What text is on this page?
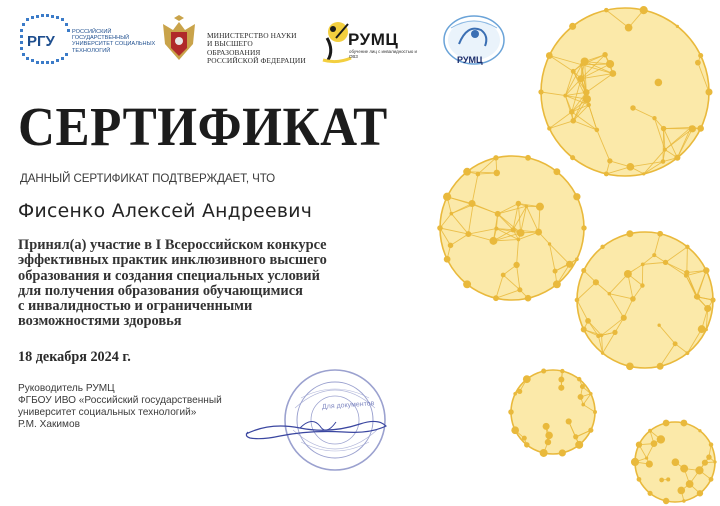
РГУ
РОССИЙСКИЙ ГОСУДАРСТВЕННЫЙ УНИВЕРСИТЕТ СОЦИАЛЬНЫХ ТЕХНОЛОГИЙ
МИНИСТЕРСТВО НАУКИ
И ВЫСШЕГО ОБРАЗОВАНИЯ
РОССИЙСКОЙ ФЕДЕРАЦИИ
РУМЦ
обучение лиц с инвалидностью и ОВЗ	РУМЦ
СЕРТИФИКАТ
ДАННЫЙ СЕРТИФИКАТ ПОДТВЕРЖДАЕТ, ЧТО
Фисенко Алексей Андреевич
Принял(а) участие в I Всероссийском конкурсе
эффективных практик инклюзивного высшего
образования и создания специальных условий
для получения образования обучающимися
с инвалидностью и ограниченными
возможностями здоровья
18 декабря 2024 г.
Руководитель РУМЦ
ФГБОУ ИВО «Российский государственный
университет социальных технологий»
Р.М. Хакимов
Для документов
